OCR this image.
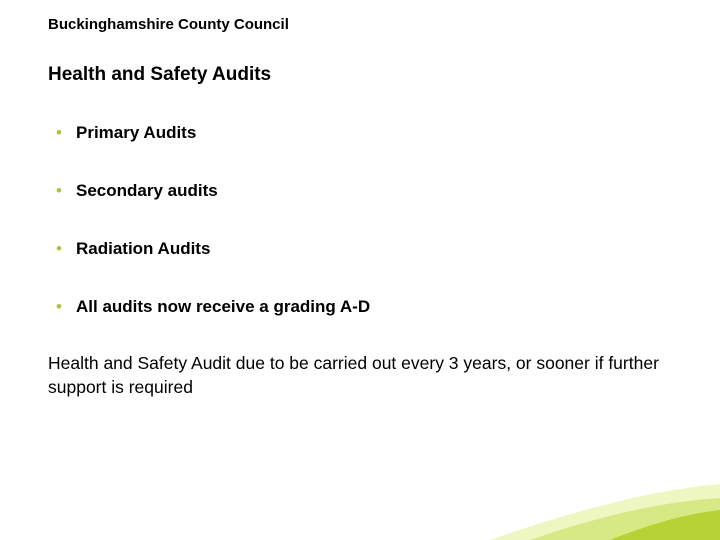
Buckinghamshire County Council
Health and Safety Audits
• Primary Audits
• Secondary audits
• Radiation Audits
• All audits now receive a grading A-D
Health and Safety Audit due to be carried out every 3 years, or sooner if further support is required
